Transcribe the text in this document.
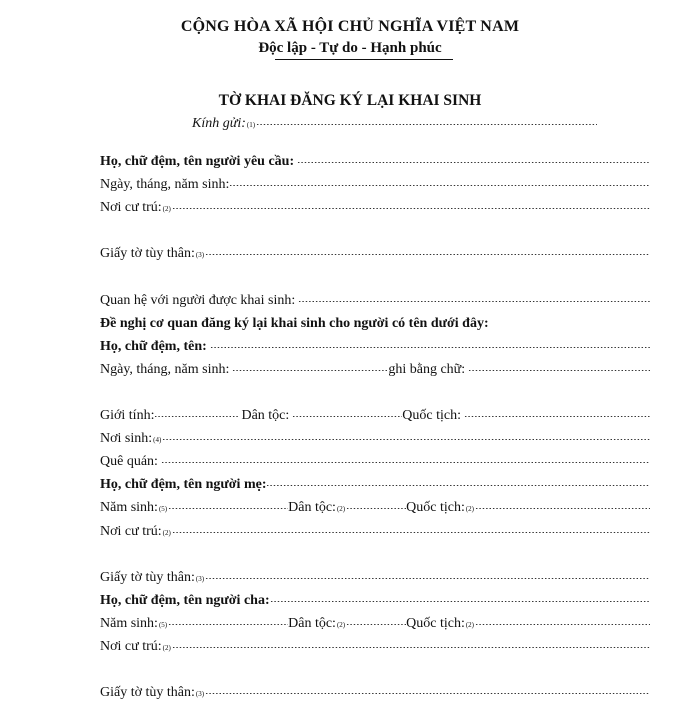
CỘNG HÒA XÃ HỘI CHỦ NGHĨA VIỆT NAM
Độc lập - Tự do - Hạnh phúc
TỜ KHAI ĐĂNG KÝ LẠI KHAI SINH
Kính gửi: (1)
Họ, chữ đệm, tên người yêu cầu:
Ngày, tháng, năm sinh:
Nơi cư trú: (2)
Giấy tờ tùy thân: (3)
Quan hệ với người được khai sinh:
Đề nghị cơ quan đăng ký lại khai sinh cho người có tên dưới đây:
Họ, chữ đệm, tên:
Ngày, tháng, năm sinh:	ghi bằng chữ:
Giới tính:	Dân tộc:	Quốc tịch:
Nơi sinh: (4)
Quê quán:
Họ, chữ đệm, tên người mẹ:
Năm sinh: (5)	Dân tộc: (2)	Quốc tịch: (2)
Nơi cư trú: (2)
Giấy tờ tùy thân: (3)
Họ, chữ đệm, tên người cha:
Năm sinh: (5)	Dân tộc: (2)	Quốc tịch: (2)
Nơi cư trú: (2)
Giấy tờ tùy thân: (3)
